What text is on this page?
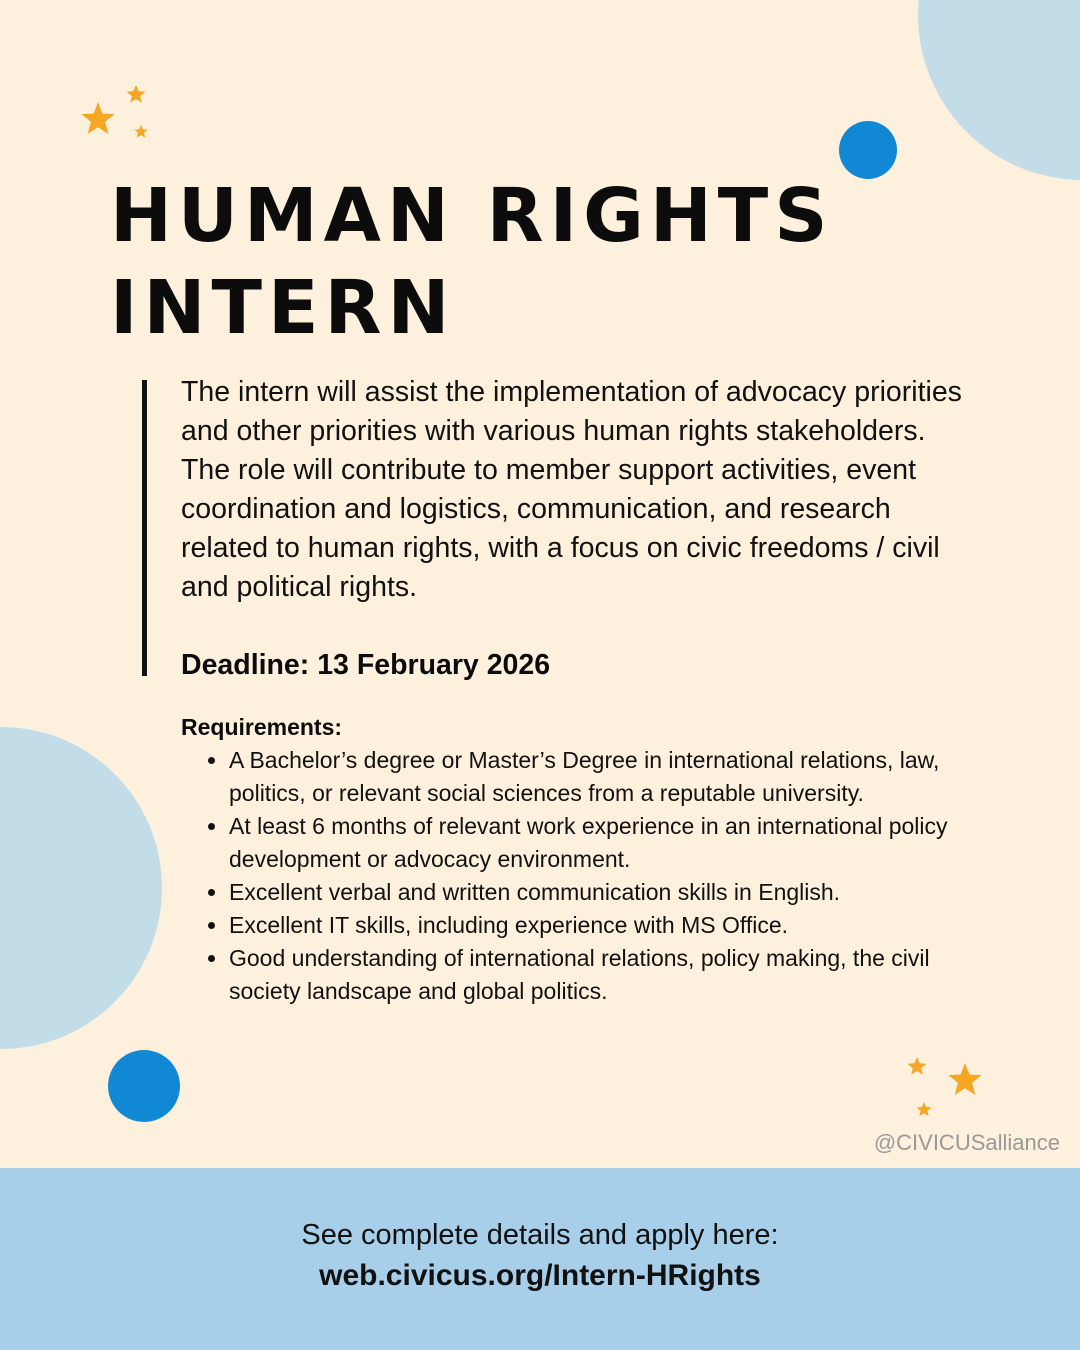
HUMAN RIGHTS
INTERN

The intern will assist the implementation of advocacy priorities and other priorities with various human rights stakeholders. The role will contribute to member support activities, event coordination and logistics, communication, and research related to human rights, with a focus on civic freedoms / civil and political rights.

Deadline: 13 February 2026

Requirements:

A Bachelor’s degree or Master’s Degree in international relations, law, politics, or relevant social sciences from a reputable university.
At least 6 months of relevant work experience in an international policy development or advocacy environment.
Excellent verbal and written communication skills in English.
Excellent IT skills, including experience with MS Office.
Good understanding of international relations, policy making, the civil society landscape and global politics.

@CIVICUSalliance

See complete details and apply here:

web.civicus.org/Intern-HRights
